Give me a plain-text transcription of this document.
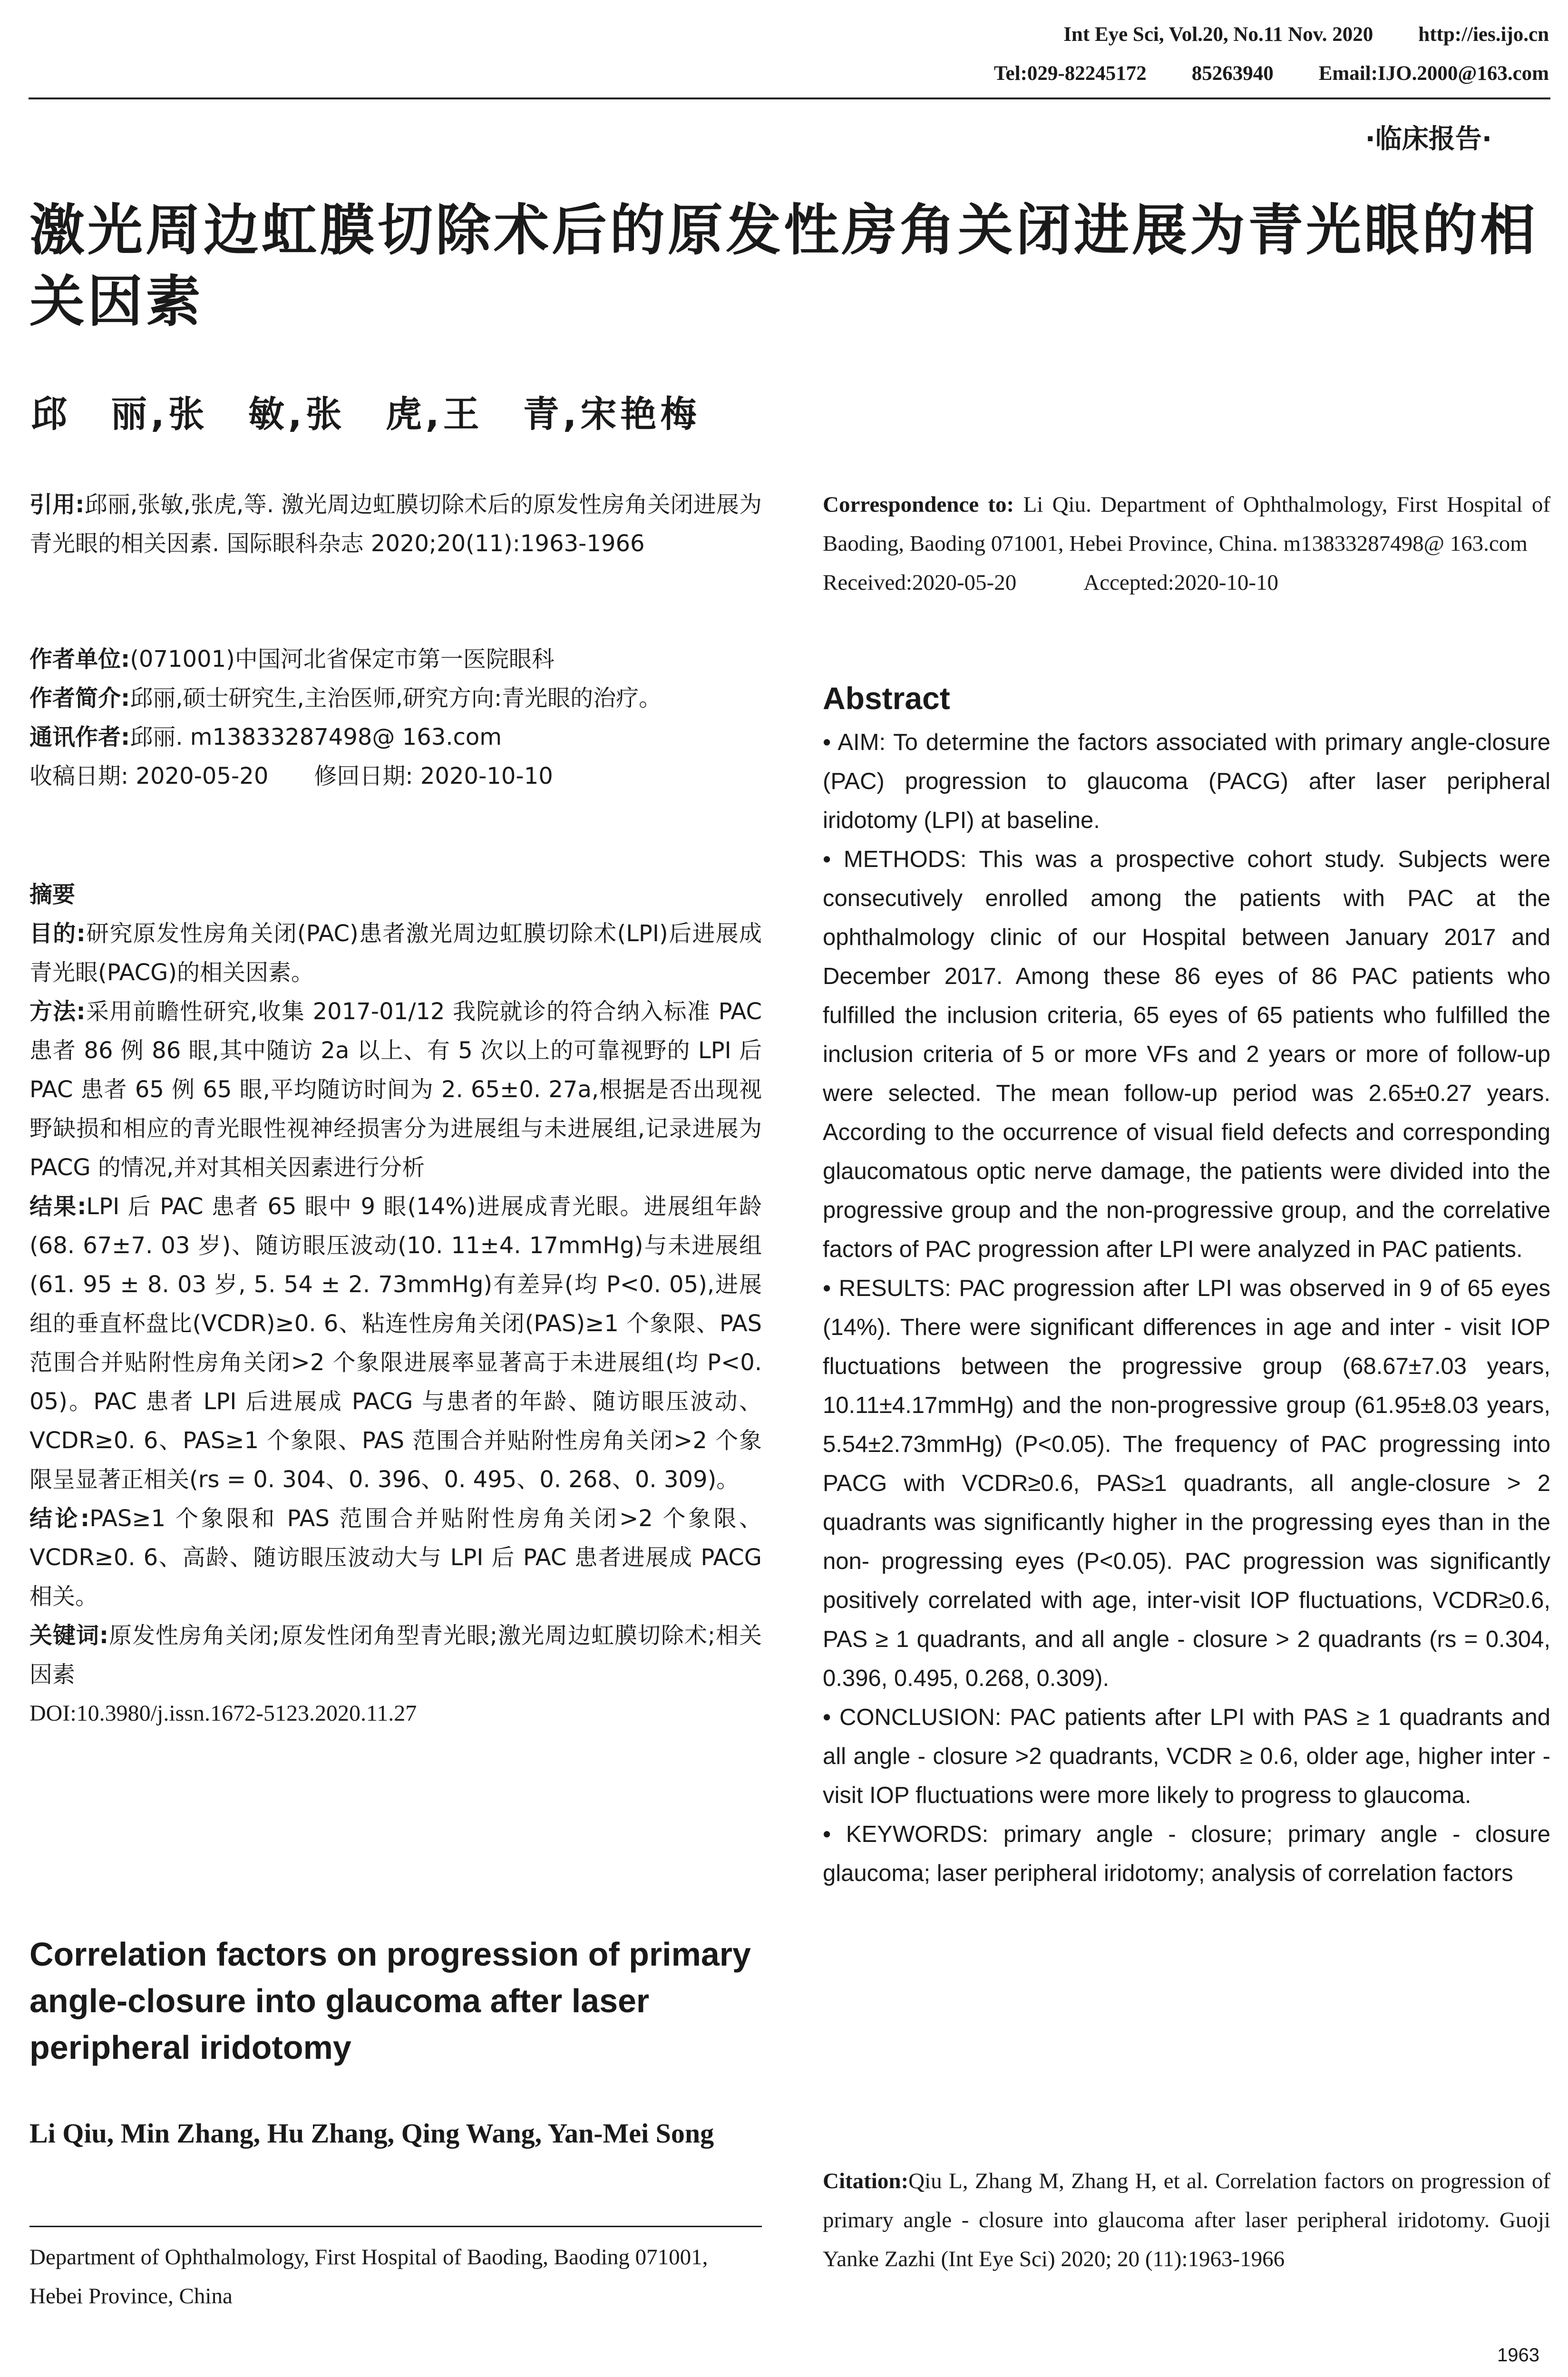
Int Eye Sci, Vol.20, No.11 Nov. 2020 http://ies.ijo.cn
Tel:029-82245172 85263940 Email:IJO.2000@163.com
·临床报告·
激光周边虹膜切除术后的原发性房角关闭进展为青光眼的相关因素
邱　丽,张　敏,张　虎,王　青,宋艳梅

引用:邱丽,张敏,张虎,等. 激光周边虹膜切除术后的原发性房角关闭进展为青光眼的相关因素. 国际眼科杂志 2020;20(11):1963-1966

作者单位:(071001)中国河北省保定市第一医院眼科

作者简介:邱丽,硕士研究生,主治医师,研究方向:青光眼的治疗。

通讯作者:邱丽. m13833287498@ 163.com

收稿日期: 2020-05-20　　修回日期: 2020-10-10

摘要

目的:研究原发性房角关闭(PAC)患者激光周边虹膜切除术(LPI)后进展成青光眼(PACG)的相关因素。

方法:采用前瞻性研究,收集 2017-01/12 我院就诊的符合纳入标准 PAC 患者 86 例 86 眼,其中随访 2a 以上、有 5 次以上的可靠视野的 LPI 后 PAC 患者 65 例 65 眼,平均随访时间为 2. 65±0. 27a,根据是否出现视野缺损和相应的青光眼性视神经损害分为进展组与未进展组,记录进展为 PACG 的情况,并对其相关因素进行分析

结果:LPI 后 PAC 患者 65 眼中 9 眼(14%)进展成青光眼。进展组年龄(68. 67±7. 03 岁)、随访眼压波动(10. 11±4. 17mmHg)与未进展组(61. 95 ± 8. 03 岁, 5. 54 ± 2. 73mmHg)有差异(均 P<0. 05),进展组的垂直杯盘比(VCDR)≥0. 6、粘连性房角关闭(PAS)≥1 个象限、PAS 范围合并贴附性房角关闭>2 个象限进展率显著高于未进展组(均 P<0. 05)。PAC 患者 LPI 后进展成 PACG 与患者的年龄、随访眼压波动、VCDR≥0. 6、PAS≥1 个象限、PAS 范围合并贴附性房角关闭>2 个象限呈显著正相关(rs = 0. 304、0. 396、0. 495、0. 268、0. 309)。

结论:PAS≥1 个象限和 PAS 范围合并贴附性房角关闭>2 个象限、VCDR≥0. 6、高龄、随访眼压波动大与 LPI 后 PAC 患者进展成 PACG 相关。

关键词:原发性房角关闭;原发性闭角型青光眼;激光周边虹膜切除术;相关因素

DOI:10.3980/j.issn.1672-5123.2020.11.27

Correlation factors on progression of primary angle-closure into glaucoma after laser peripheral iridotomy
Li Qiu, Min Zhang, Hu Zhang, Qing Wang, Yan-Mei Song
Department of Ophthalmology, First Hospital of Baoding, Baoding 071001, Hebei Province, China

Correspondence to: Li Qiu. Department of Ophthalmology, First Hospital of Baoding, Baoding 071001, Hebei Province, China. m13833287498@ 163.com

Received:2020-05-20　　　	Accepted:2020-10-10

Abstract

• AIM: To determine the factors associated with primary angle-closure (PAC) progression to glaucoma (PACG) after laser peripheral iridotomy (LPI) at baseline.

• METHODS: This was a prospective cohort study. Subjects were consecutively enrolled among the patients with PAC at the ophthalmology clinic of our Hospital between January 2017 and December 2017. Among these 86 eyes of 86 PAC patients who fulfilled the inclusion criteria, 65 eyes of 65 patients who fulfilled the inclusion criteria of 5 or more VFs and 2 years or more of follow-up were selected. The mean follow-up period was 2.65±0.27 years. According to the occurrence of visual field defects and corresponding glaucomatous optic nerve damage, the patients were divided into the progressive group and the non-progressive group, and the correlative factors of PAC progression after LPI were analyzed in PAC patients.

• RESULTS: PAC progression after LPI was observed in 9 of 65 eyes (14%). There were significant differences in age and inter - visit IOP fluctuations between the progressive group (68.67±7.03 years, 10.11±4.17mmHg) and the non-progressive group (61.95±8.03 years, 5.54±2.73mmHg) (P<0.05). The frequency of PAC progressing into PACG with VCDR≥0.6, PAS≥1 quadrants, all angle-closure > 2 quadrants was significantly higher in the progressing eyes than in the non- progressing eyes (P<0.05). PAC progression was significantly positively correlated with age, inter-visit IOP fluctuations, VCDR≥0.6, PAS ≥ 1 quadrants, and all angle - closure > 2 quadrants (rs = 0.304, 0.396, 0.495, 0.268, 0.309).

• CONCLUSION: PAC patients after LPI with PAS ≥ 1 quadrants and all angle - closure >2 quadrants, VCDR ≥ 0.6, older age, higher inter - visit IOP fluctuations were more likely to progress to glaucoma.

• KEYWORDS: primary angle - closure; primary angle - closure glaucoma; laser peripheral iridotomy; analysis of correlation factors

Citation:Qiu L, Zhang M, Zhang H, et al. Correlation factors on progression of primary angle - closure into glaucoma after laser peripheral iridotomy. Guoji Yanke Zazhi (Int Eye Sci) 2020; 20 (11):1963-1966

1963
